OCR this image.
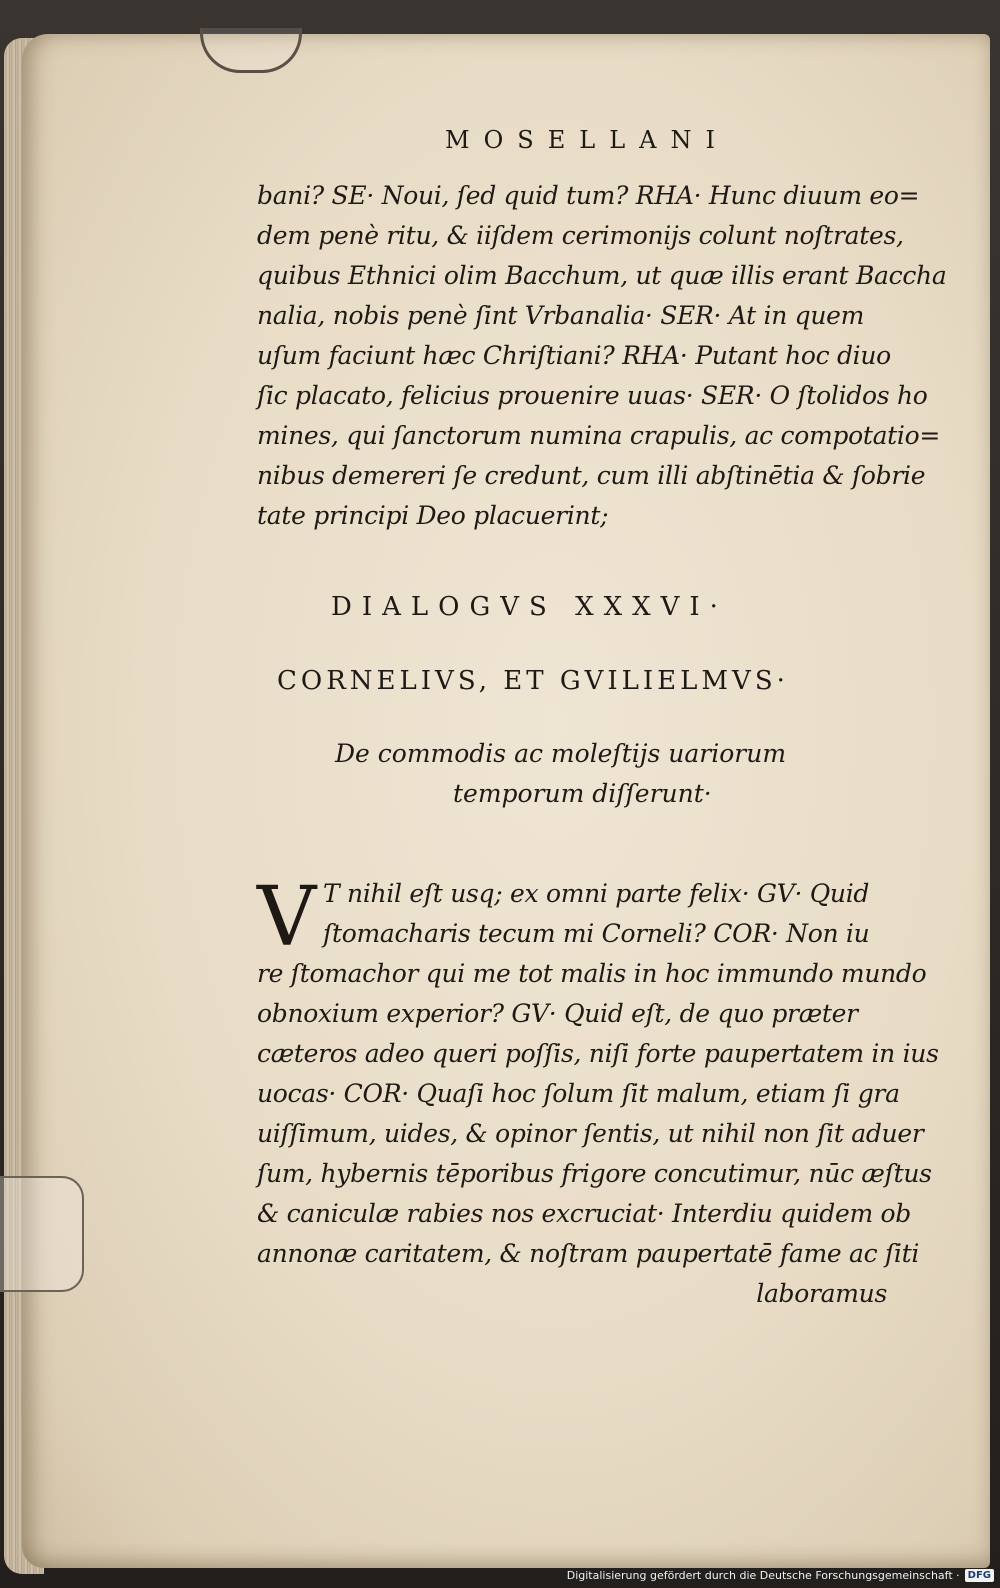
MOSELLANI
bani? SE· Noui, ſed quid tum? RHA· Hunc diuum eo=
dem penè ritu, & iiſdem cerimonijs colunt noſtrates,
quibus Ethnici olim Bacchum, ut quæ illis erant Baccha
nalia, nobis penè ſint Vrbanalia· SER· At in quem
uſum faciunt hæc Chriſtiani? RHA· Putant hoc diuo
ſic placato, felicius prouenire uuas· SER· O ſtolidos ho
mines, qui ſanctorum numina crapulis, ac compotatio=
nibus demereri ſe credunt, cum illi abſtinētia & ſobrie
tate principi Deo placuerint;
DIALOGVS XXXVI·
CORNELIVS, ET GVILIELMVS·
De commodis ac moleſtijs uariorum
temporum diſſerunt·
V T nihil eſt usq; ex omni parte felix· GV· Quid
ſtomacharis tecum mi Corneli? COR· Non iu
re ſtomachor qui me tot malis in hoc immundo mundo
obnoxium experior? GV· Quid eſt, de quo præter
cæteros adeo queri poſſis, niſi forte paupertatem in ius
uocas· COR· Quaſi hoc ſolum ſit malum, etiam ſi gra
uiſſimum, uides, & opinor ſentis, ut nihil non ſit aduer
ſum, hybernis tēporibus frigore concutimur, nūc æſtus
& caniculæ rabies nos excruciat· Interdiu quidem ob
annonæ caritatem, & noſtram paupertatē fame ac ſiti
laboramus
Digitalisierung gefördert durch die Deutsche Forschungsgemeinschaft · DFG
